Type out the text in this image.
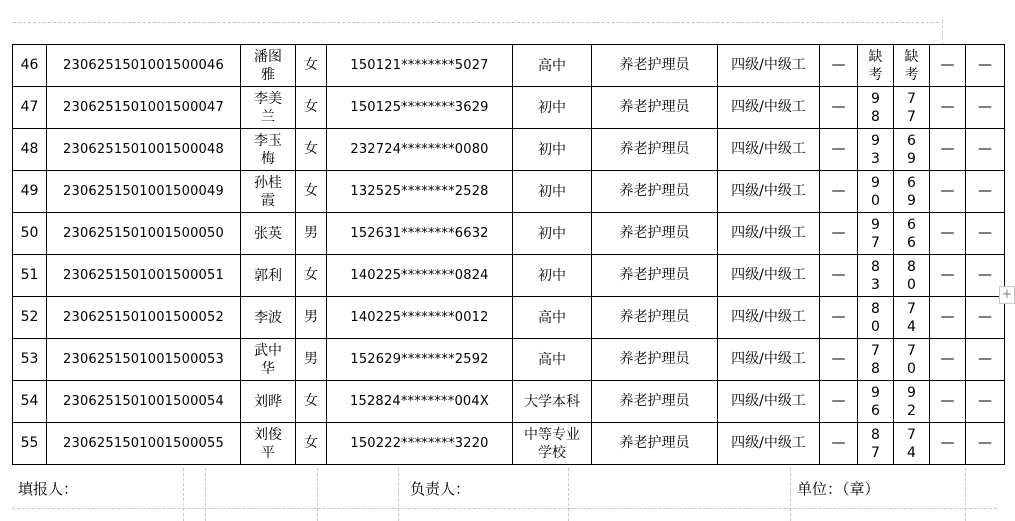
46	2306251501001500046	潘图雅	女	150121********5027	高中	养老护理员	四级/中级工	—	缺考	缺考	—	—
47	2306251501001500047	李美兰	女	150125********3629	初中	养老护理员	四级/中级工	—	98	77	—	—
48	2306251501001500048	李玉梅	女	232724********0080	初中	养老护理员	四级/中级工	—	93	69	—	—
49	2306251501001500049	孙桂霞	女	132525********2528	初中	养老护理员	四级/中级工	—	90	69	—	—
50	2306251501001500050	张英	男	152631********6632	初中	养老护理员	四级/中级工	—	97	66	—	—
51	2306251501001500051	郭利	女	140225********0824	初中	养老护理员	四级/中级工	—	83	80	—	—
52	2306251501001500052	李波	男	140225********0012	高中	养老护理员	四级/中级工	—	80	74	—	—
53	2306251501001500053	武中华	男	152629********2592	高中	养老护理员	四级/中级工	—	78	70	—	—
54	2306251501001500054	刘晔	女	152824********004X	大学本科	养老护理员	四级/中级工	—	96	92	—	—
55	2306251501001500055	刘俊平	女	150222********3220	中等专业学校	养老护理员	四级/中级工	—	87	74	—	—
填报人：	负责人：	单位：（章）
+
